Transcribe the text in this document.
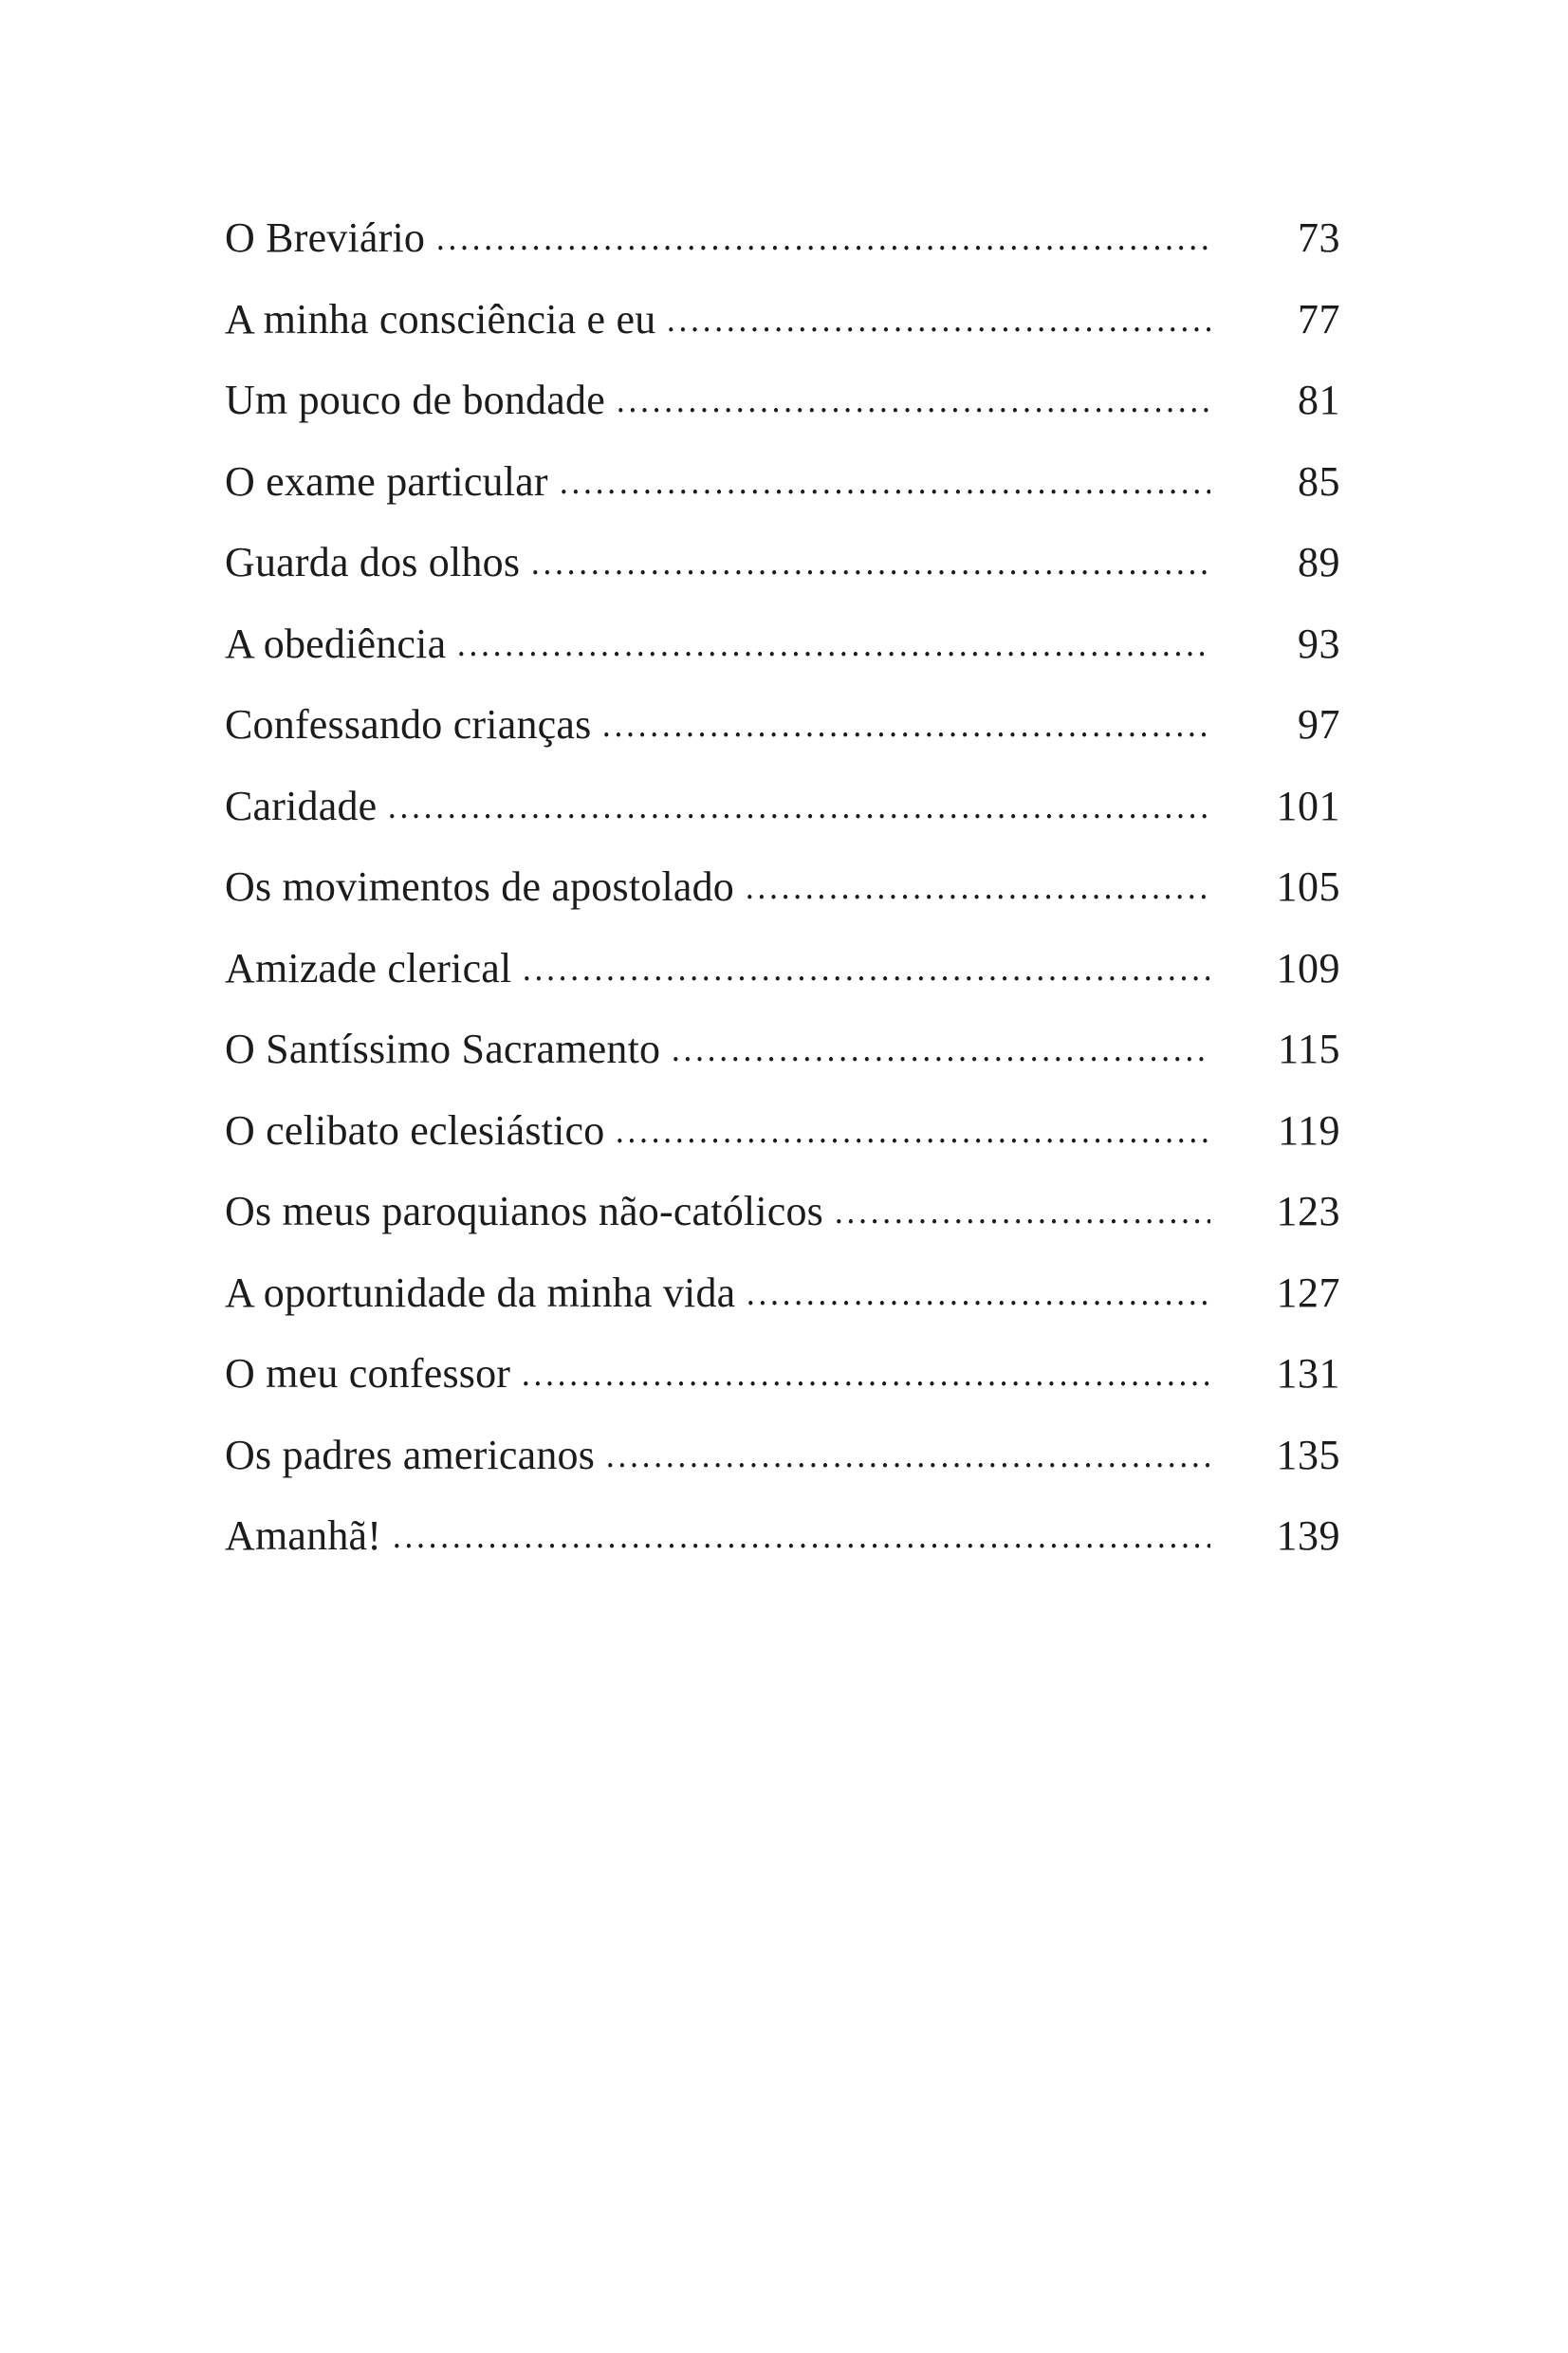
O Breviário	73
A minha consciência e eu	77
Um pouco de bondade	81
O exame particular	85
Guarda dos olhos	89
A obediência	93
Confessando crianças	97
Caridade	101
Os movimentos de apostolado	105
Amizade clerical	109
O Santíssimo Sacramento	115
O celibato eclesiástico	119
Os meus paroquianos não-católicos	123
A oportunidade da minha vida	127
O meu confessor	131
Os padres americanos	135
Amanhã!	139
